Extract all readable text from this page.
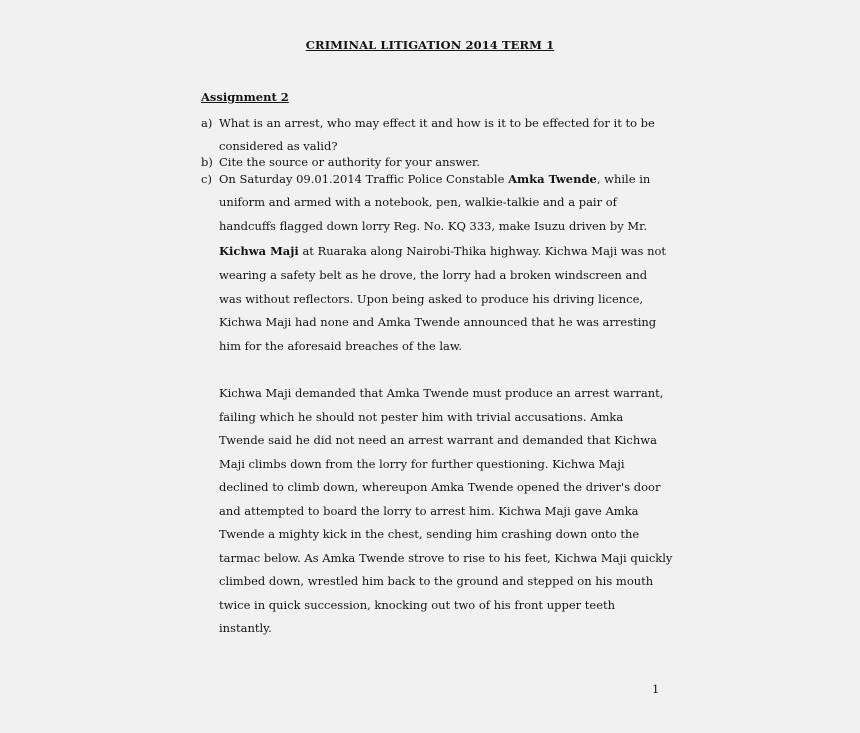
CRIMINAL LITIGATION 2014 TERM 1
Assignment 2
a) What is an arrest, who may effect it and how is it to be effected for it to be
considered as valid?
b) Cite the source or authority for your answer.
c) On Saturday 09.01.2014 Traffic Police Constable Amka Twende, while in
uniform and armed with a notebook, pen, walkie-talkie and a pair of
handcuffs flagged down lorry Reg. No. KQ 333, make Isuzu driven by Mr.
Kichwa Maji at Ruaraka along Nairobi-Thika highway. Kichwa Maji was not
wearing a safety belt as he drove, the lorry had a broken windscreen and
was without reflectors. Upon being asked to produce his driving licence,
Kichwa Maji had none and Amka Twende announced that he was arresting
him for the aforesaid breaches of the law.
Kichwa Maji demanded that Amka Twende must produce an arrest warrant,
failing which he should not pester him with trivial accusations. Amka
Twende said he did not need an arrest warrant and demanded that Kichwa
Maji climbs down from the lorry for further questioning. Kichwa Maji
declined to climb down, whereupon Amka Twende opened the driver's door
and attempted to board the lorry to arrest him. Kichwa Maji gave Amka
Twende a mighty kick in the chest, sending him crashing down onto the
tarmac below. As Amka Twende strove to rise to his feet, Kichwa Maji quickly
climbed down, wrestled him back to the ground and stepped on his mouth
twice in quick succession, knocking out two of his front upper teeth
instantly.
1
